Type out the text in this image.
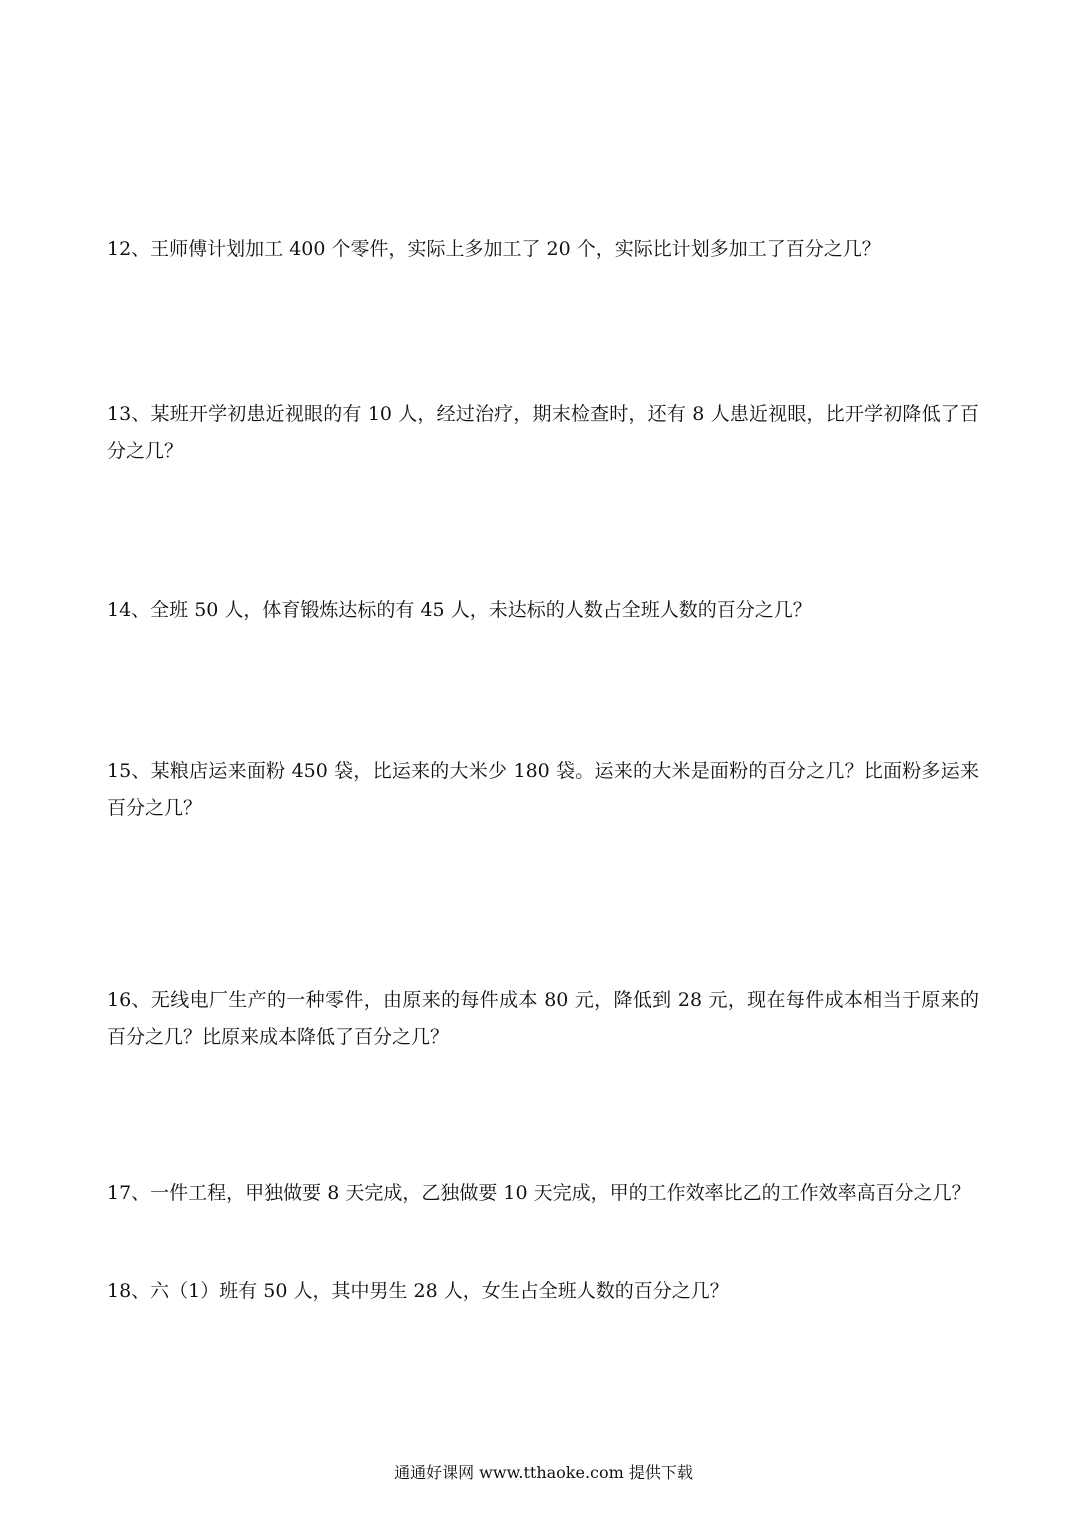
12、王师傅计划加工 400 个零件，实际上多加工了 20 个，实际比计划多加工了百分之几？

13、某班开学初患近视眼的有 10 人，经过治疗，期末检查时，还有 8 人患近视眼，比开学初降低了百分之几？

14、全班 50 人，体育锻炼达标的有 45 人，未达标的人数占全班人数的百分之几？

15、某粮店运来面粉 450 袋，比运来的大米少 180 袋。运来的大米是面粉的百分之几？比面粉多运来百分之几？

16、无线电厂生产的一种零件，由原来的每件成本 80 元，降低到 28 元，现在每件成本相当于原来的百分之几？比原来成本降低了百分之几？

17、一件工程，甲独做要 8 天完成，乙独做要 10 天完成，甲的工作效率比乙的工作效率高百分之几？

18、六（1）班有 50 人，其中男生 28 人，女生占全班人数的百分之几？

通通好课网 www.tthaoke.com 提供下载
